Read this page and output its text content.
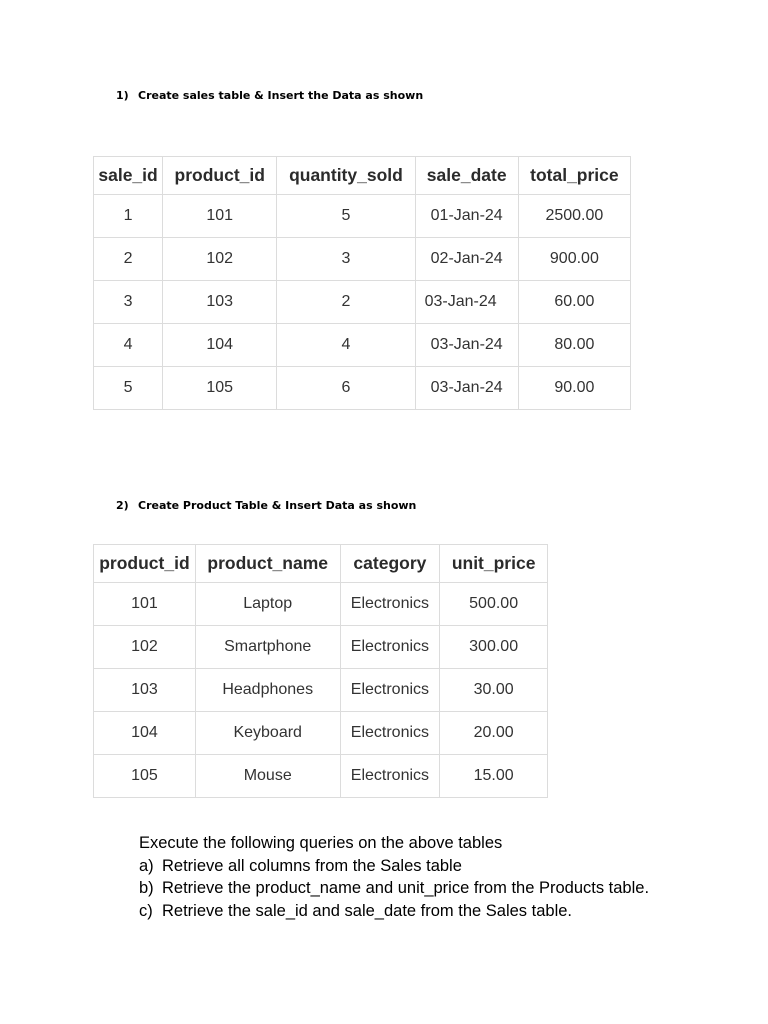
1) Create sales table & Insert the Data as shown
sale_id	product_id	quantity_sold	sale_date	total_price
1	101	5	01-Jan-24	2500.00
2	102	3	02-Jan-24	900.00
3	103	2	03-Jan-24	60.00
4	104	4	03-Jan-24	80.00
5	105	6	03-Jan-24	90.00
2) Create Product Table & Insert Data as shown
product_id	product_name	category	unit_price
101	Laptop	Electronics	500.00
102	Smartphone	Electronics	300.00
103	Headphones	Electronics	30.00
104	Keyboard	Electronics	20.00
105	Mouse	Electronics	15.00
Execute the following queries on the above tables
a) Retrieve all columns from the Sales table
b) Retrieve the product_name and unit_price from the Products table.
c) Retrieve the sale_id and sale_date from the Sales table.
